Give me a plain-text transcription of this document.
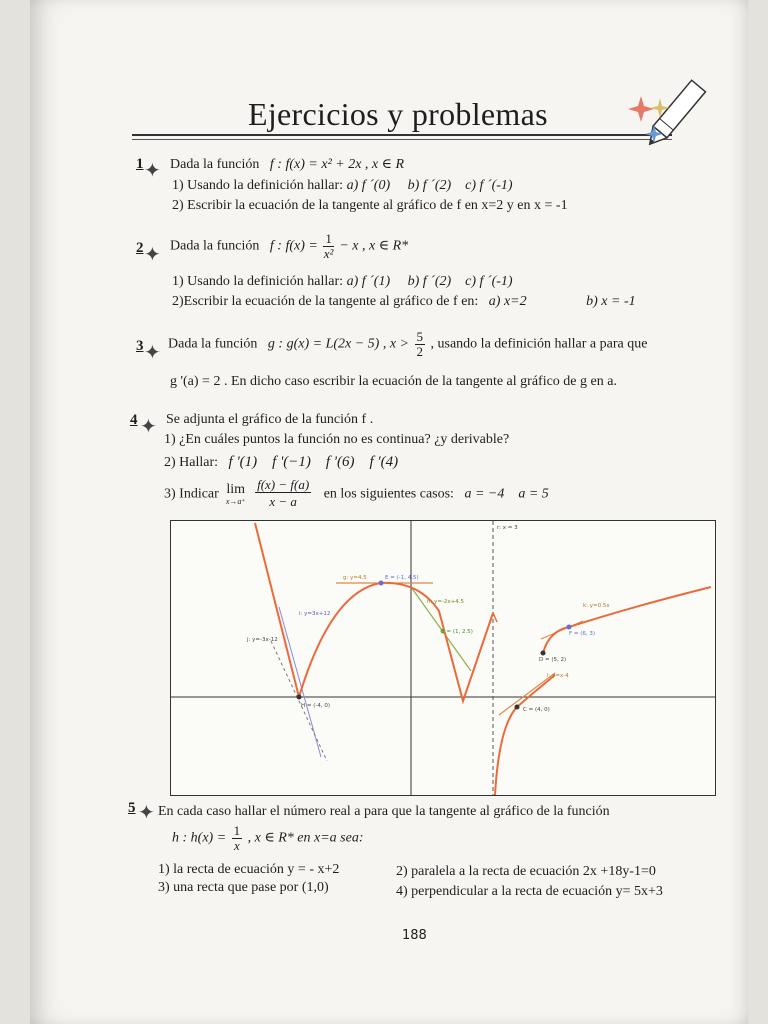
Ejercicios y problemas
1 ✦ Dada la función f : f(x) = x² + 2x , x ∈ R
1) Usando la definición hallar: a) f ´(0) b) f ´(2) c) f ´(-1)
2) Escribir la ecuación de la tangente al gráfico de f en x=2 y en x = -1
2 ✦ Dada la función f : $f(x) = \frac{1}{\text{x²}} - x$ , x ∈ R*
1) Usando la definición hallar: a) f ´(1) b) f ´(2) c) f ´(-1)
2)Escribir la ecuación de la tangente al gráfico de f en: a) x=2	b) x = -1
3 ✦ Dada la función g : g(x) = L(2x − 5) , $x > \frac{5}{2}$ , usando la definición hallar a para que
g '(a) = 2 . En dicho caso escribir la ecuación de la tangente al gráfico de g en a.
4 ✦ Se adjunta el gráfico de la función f .
1) ¿En cuáles puntos la función no es continua? ¿y derivable?
2) Hallar: f '(1)    f '(−1)    f '(6)    f '(4)
3) Indicar lim
x→a⁺
$\frac{f(x) - f(a)}{x - a}$ en los siguientes casos: a = −4 a = 5
r: x = 3
g: y=4.5	E = (-1, 4.5)
h: y=-2x+4.5
i: y=3x+12
j: y=-3x-12
B = (1, 2.5)
H = (-4, 0)
k: y=0.5x
F = (6, 3)
D = (5, 2)
l: y=x-4
C = (4, 0)
5 ✦ En cada caso hallar el número real a para que la tangente al gráfico de la función
h : $h(x) = \frac{1}{x}$ , x ∈ R* en x=a sea:
1) la recta de ecuación y = - x+2	2) paralela a la recta de ecuación 2x +18y-1=0
3) una recta que pase por (1,0)	4) perpendicular a la recta de ecuación y= 5x+3
188
